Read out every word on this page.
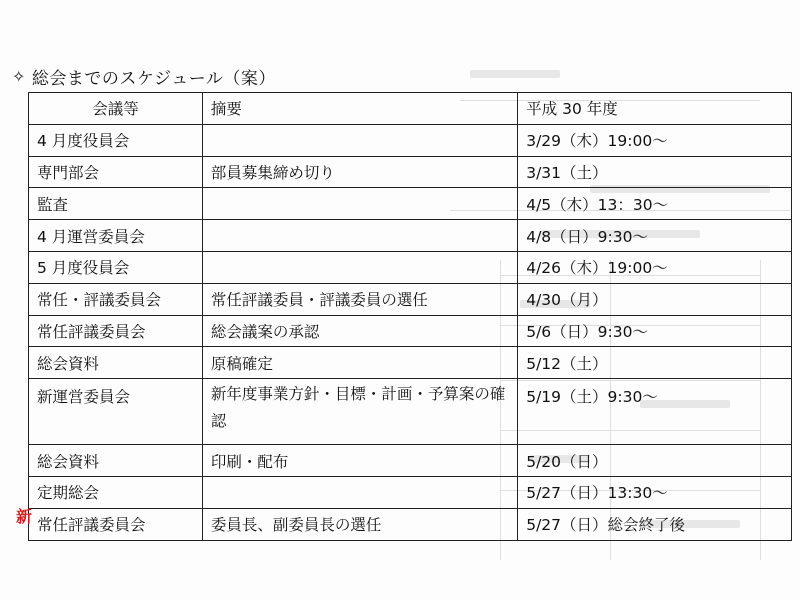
✧ 総会までのスケジュール（案）
会議等	摘要	平成 30 年度
4 月度役員会		3/29（木）19:00～
専門部会	部員募集締め切り	3/31（土）
監査		4/5（木）13：30～
4 月運営委員会		4/8（日）9:30～
5 月度役員会		4/26（木）19:00～
常任・評議委員会	常任評議委員・評議委員の選任	4/30（月）
常任評議委員会	総会議案の承認	5/6（日）9:30～
総会資料	原稿確定	5/12（土）
新運営委員会	新年度事業方針・目標・計画・予算案の確認	5/19（土）9:30～
総会資料	印刷・配布	5/20（日）
定期総会		5/27（日）13:30～
常任評議委員会	委員長、副委員長の選任	5/27（日）総会終了後
新
